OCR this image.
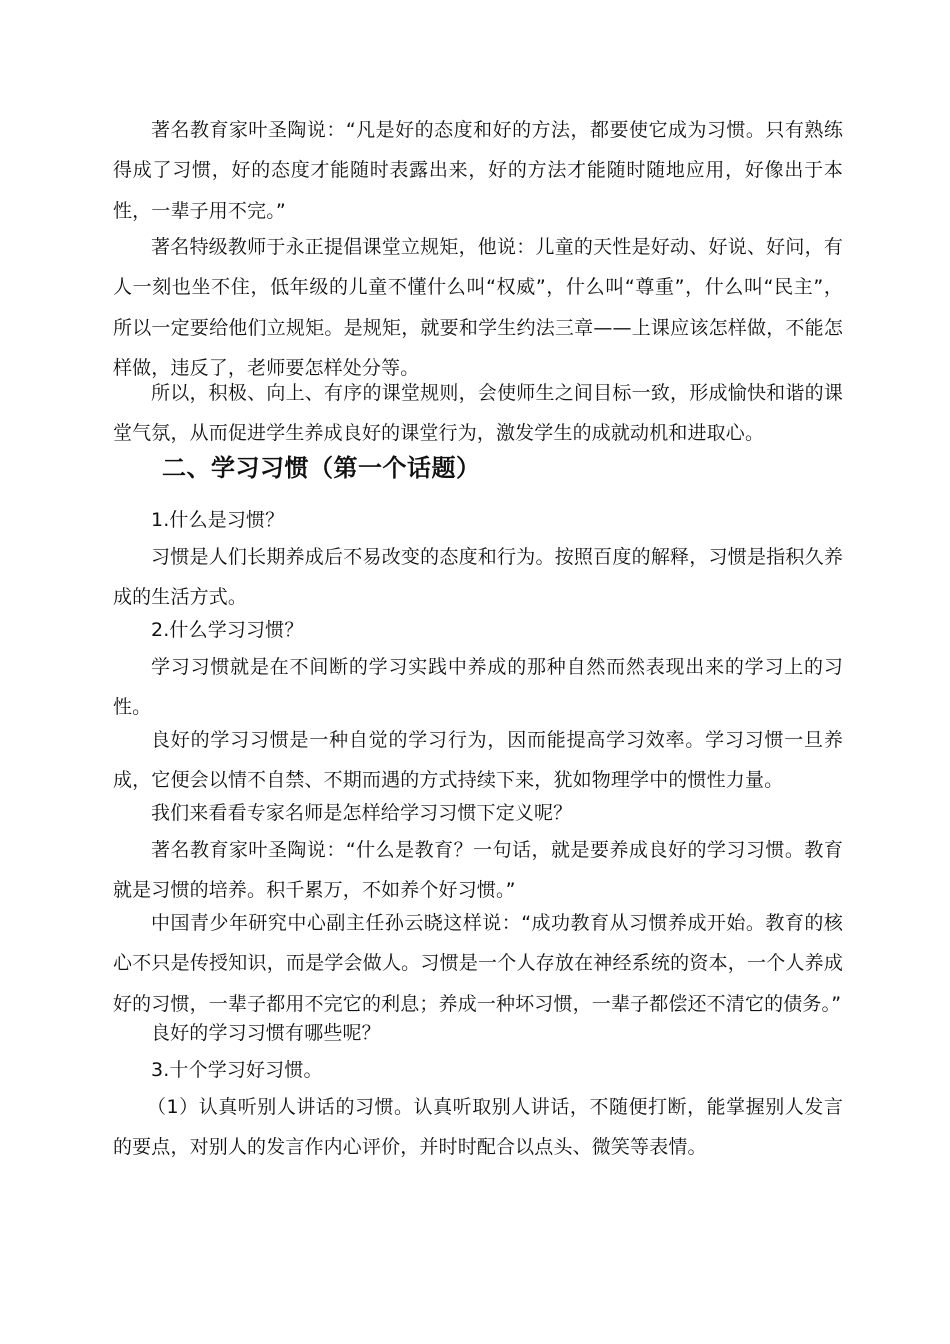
著名教育家叶圣陶说：“凡是好的态度和好的方法，都要使它成为习惯。只有熟练得成了习惯，好的态度才能随时表露出来，好的方法才能随时随地应用，好像出于本性，一辈子用不完。”

著名特级教师于永正提倡课堂立规矩，他说：儿童的天性是好动、好说、好问，有人一刻也坐不住，低年级的儿童不懂什么叫“权威”，什么叫“尊重”，什么叫“民主”，所以一定要给他们立规矩。是规矩，就要和学生约法三章——上课应该怎样做，不能怎样做，违反了，老师要怎样处分等。

所以，积极、向上、有序的课堂规则，会使师生之间目标一致，形成愉快和谐的课堂气氛，从而促进学生养成良好的课堂行为，激发学生的成就动机和进取心。

二、学习习惯（第一个话题）

1.什么是习惯？

习惯是人们长期养成后不易改变的态度和行为。按照百度的解释，习惯是指积久养成的生活方式。

2.什么学习习惯？

学习习惯就是在不间断的学习实践中养成的那种自然而然表现出来的学习上的习性。

良好的学习习惯是一种自觉的学习行为，因而能提高学习效率。学习习惯一旦养成，它便会以情不自禁、不期而遇的方式持续下来，犹如物理学中的惯性力量。

我们来看看专家名师是怎样给学习习惯下定义呢？

著名教育家叶圣陶说：“什么是教育？一句话，就是要养成良好的学习习惯。教育就是习惯的培养。积千累万，不如养个好习惯。”

中国青少年研究中心副主任孙云晓这样说：“成功教育从习惯养成开始。教育的核心不只是传授知识，而是学会做人。习惯是一个人存放在神经系统的资本，一个人养成好的习惯，一辈子都用不完它的利息；养成一种坏习惯，一辈子都偿还不清它的债务。”

良好的学习习惯有哪些呢？

3.十个学习好习惯。

（1）认真听别人讲话的习惯。认真听取别人讲话，不随便打断，能掌握别人发言的要点，对别人的发言作内心评价，并时时配合以点头、微笑等表情。
